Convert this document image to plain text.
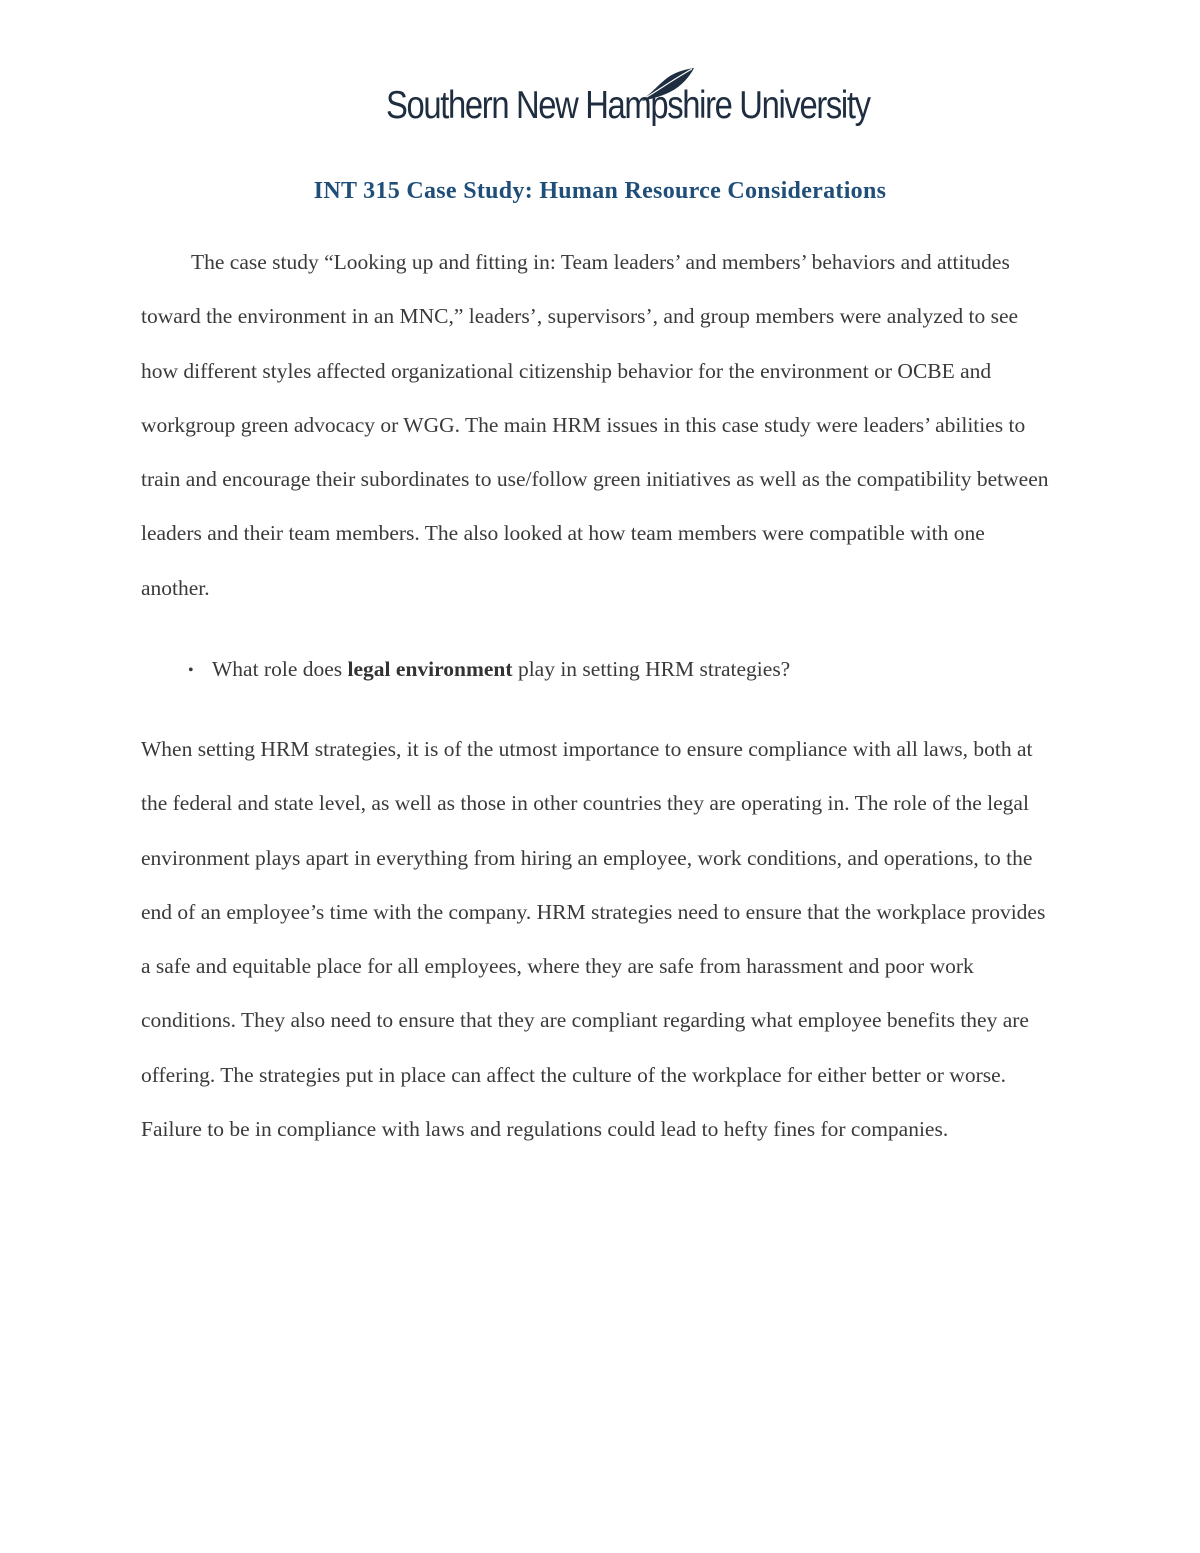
Southern New Hampshire University
INT 315 Case Study: Human Resource Considerations

The case study “Looking up and fitting in: Team leaders’ and members’ behaviors and attitudes toward the environment in an MNC,” leaders’, supervisors’, and group members were analyzed to see how different styles affected organizational citizenship behavior for the environment or OCBE and workgroup green advocacy or WGG. The main HRM issues in this case study were leaders’ abilities to train and encourage their subordinates to use/follow green initiatives as well as the compatibility between leaders and their team members. The also looked at how team members were compatible with one another.

• What role does legal environment play in setting HRM strategies?

When setting HRM strategies, it is of the utmost importance to ensure compliance with all laws, both at the federal and state level, as well as those in other countries they are operating in. The role of the legal environment plays apart in everything from hiring an employee, work conditions, and operations, to the end of an employee’s time with the company. HRM strategies need to ensure that the workplace provides a safe and equitable place for all employees, where they are safe from harassment and poor work conditions. They also need to ensure that they are compliant regarding what employee benefits they are offering. The strategies put in place can affect the culture of the workplace for either better or worse. Failure to be in compliance with laws and regulations could lead to hefty fines for companies.
